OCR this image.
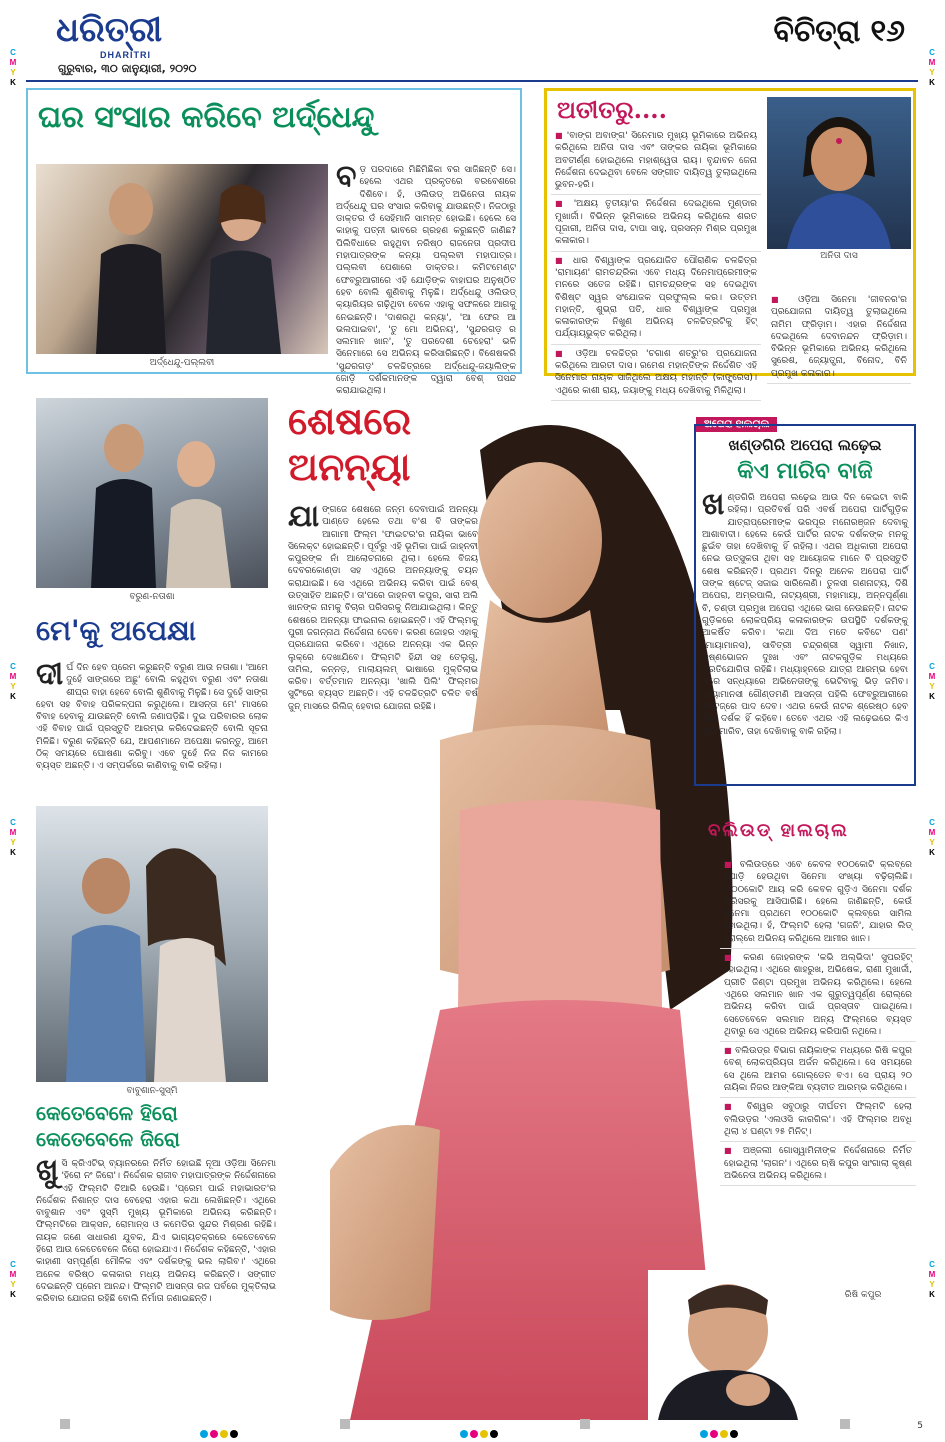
ଧରିତ୍ରୀ
DHARITRI
ଗୁରୁବାର, ୩୦ ଜାନୁୟାରୀ, ୨୦୨୦
ବିଚିତ୍ରା ୧୬
C
M
Y
K
C
M
Y
K
C
M
Y
K
C
M
Y
K
C
M
Y
K
C
M
Y
K
C
M
Y
K
C
M
Y
K
ଘର ସଂସାର କରିବେ ଅର୍ଦ୍ଧେନ୍ଦୁ
ଅର୍ଦ୍ଧେନ୍ଦୁ-ପଲ୍ଲବୀ
ବଡ଼ ପରଦାରେ ମିଛିମିଛିକା ବର ସାଜିଛନ୍ତି ସେ। ହେଲେ ଏଥର ପ୍ରକୃତରେ ବରବେଶରେ ଦିଶିବେ। ହଁ, ଓଲିଉଡ୍‌ ଅଭିନେତା ନାୟକ ଅର୍ଦ୍ଧେନ୍ଦୁ ଘର ସଂସାର କରିବାକୁ ଯାଉଛନ୍ତି। ନିଜଠାରୁ ଡାକ୍ତର ଡଁ ସେହିମାନି ସାମନ୍ତ ହୋଇଛି। ହେଲେ ସେ କାହାକୁ ପତ୍ନୀ ଭାବରେ ଗ୍ରହଣ କରୁଛନ୍ତି ଜାଣିଛ? ପିଲିବିଧାରେ ରହୁଥିବା ନରିଷ୍ଠ ରାଜନେତା ପ୍ରଦୀପ ମହାପାତ୍ରଙ୍କ କନ୍ୟା ପଲ୍ଲବୀ ମହାପାତ୍ର। ପଲ୍ଲବୀ ପେଶାରେ ଡାକ୍ତର। କମିଟମେଣ୍ଟ ଫେବ୍ରୁଆରୀରେ ଏହି ଯୋଡ଼ିଙ୍କ ବାହାଘର ଅନୁଷ୍ଠିତ ହେବ ବୋଲି ଶୁଣିବାକୁ ମିଳୁଛି। ଅର୍ଦ୍ଧେନ୍ଦୁ ଓଲିଉଡ୍‌ କ୍ୟାରିୟର ଗଢ଼ିଥିବା ବେଳେ ଏହାକୁ ସଫଳରେ ଆଗକୁ ନେଇଛନ୍ତି। 'ଦାଶରଥି କନ୍ୟା', 'ଆ ଫେର ଆ ଭଲପାଇବା', 'ତୁ ମୋ ଅଭିନୟ', 'ସୁନ୍ଦରଗଡ଼ ର ସଲମାନ ଖାନ', 'ତୁ ପରଦେଶୀ ଚେହେରା' ଭଳି ସିନେମାରେ ସେ ଅଭିନୟ କରିସାରିଛନ୍ତି। ବିଶେଷକରି 'ସୁନ୍ଦରଗଡ଼' ଚଳଚ୍ଚିତ୍ରରେ ଅର୍ଦ୍ଧେନ୍ଦୁ-ଜୟାଲିଙ୍କ ଜୋଡ଼ି ଦର୍ଶକମାନଙ୍କ ଦ୍ୱାରା ବେଶ୍‌ ପସନ୍ଦ କରାଯାଇଥିଲା।
ଅତୀତରୁ....
■ 'ବାଙ୍ଗ ଅବାଙ୍ଗ' ସିନେମାର ମୁଖ୍ୟ ଭୂମିକାରେ ଅଭିନୟ କରିଥିଲେ ଅନିତା ଦାସ ଏବଂ ତାଙ୍କର ନାୟିକା ଭୂମିକାରେ ଅବତୀର୍ଣ୍ଣ ହୋଇଥିଲେ ମହାଶ୍ୱେତା ରାୟ। ବୃନ୍ଦାବନ ଜେନା ନିର୍ଦ୍ଦେଶନା ଦେଇଥିବା ବେଳେ ସଙ୍ଗୀତ ଦାୟିତ୍ୱ ତୁଲାଇଥିଲେ ଭୁବନ-ହରି।
■ 'ଅକ୍ଷୟ ତୃତୀୟା'ର ନିର୍ଦ୍ଦେଶନା ଦେଇଥିଲେ ମୁଣ୍ଡାର ମୁଖାର୍ଜୀ। ବିଭିନ୍ନ ଭୂମିକାରେ ଅଭିନୟ କରିଥିଲେ ଶରତ ପୂଜାରୀ, ଅନିତା ଦାସ, ଟାପା ସାହୁ, ପ୍ରସନ୍ନ ମିଶ୍ର ପ୍ରମୁଖ କଳାକାର।
■ ଧାର ବିଶ୍ୱାଙ୍କ ପ୍ରଯୋଜିତ ପୌରାଣିକ ଚଳଚ୍ଚିତ୍ର 'ରାମାୟଣ' ରାମଚନ୍ଦ୍ରିକା ଏବେ ମଧ୍ୟ ଦିନେମାପ୍ରେମୀଙ୍କ ମନରେ ସତେଜ ରହିଛି। ରାମଚନ୍ଦ୍ରଙ୍କ ସହ ଦେଇଥିବା ବିଶିଷ୍ଟ ସ୍ୱର ସଂଯୋଜକ ପ୍ରଫୁଲ୍ଲ କର। ଉତ୍ତମ ମହାନ୍ତି, ଶୁଭ୍ରା ପତି, ଧାର ବିଶ୍ୱାଙ୍କ ପ୍ରମୁଖ କଳାକାରଙ୍କ ନିଖୁଣ ଅଭିନୟ ଚଳଚ୍ଚିତ୍ରଟିକୁ ହିଟ୍‌ ପର୍ଯ୍ୟାୟଭୁକ୍ତ କରିଥିଲା।
■ ଓଡ଼ିଆ ଚଳଚ୍ଚିତ୍ର 'ଚଗାଶ ଶତ୍ରୁ'ର ପ୍ରଯୋଜନା କରିଥିଲେ ଆରତୀ ଦାସ। ରମେଶ ମହାନ୍ତିଙ୍କ ନିର୍ଦ୍ଦେଶିତ ଏହି ସିନେମାର ନାୟକ ସାଜିଥିଲେ ଅକ୍ଷୟ ମହାନ୍ତି (କାଙ୍ଗ୍ରେସ)। ଏଥିରେ କାଶୀ ରାୟ, ଜୟାଙ୍କୁ ମଧ୍ୟ ଦେଖିବାକୁ ମିଳିଥିଲା।
ଅନିତା ଦାସ
■ ଓଡ଼ିଆ ସିନେମା 'ଜୀବନର'ର ପ୍ରଯୋଜନା ଦାୟିତ୍ୱ ତୁଲାଇଥିଲେ ନାମିମ ଫ୍ରିଡ଼ାମ। ଏହାର ନିର୍ଦ୍ଦେଶନା ଦେଇଥିଲେ ଦେବାନନ୍ଦନ ଫ୍ରିଡ଼ାମ। ବିଭିନ୍ନ ଭୂମିକାରେ ଅଭିନୟ କରିଥିଲେ ସୁରେଶ, ଜ୍ୟୋତ୍ସ୍ନା, ବିନୋଦ, ବିନି ପ୍ରମୁଖ କଳାକାର।
ବରୁଣ-ନତାଶା
ମେ'କୁ ଅପେକ୍ଷା
ଦୀର୍ଘ ଦିନ ହେବ ପ୍ରେମ କରୁଛନ୍ତି ବରୁଣ ଆଉ ନତାଶା। 'ଆମେ ଦୁହେଁ ସାଙ୍ଗରେ ଅଛୁ' ବୋଲି କହୁଥିବା ବରୁଣ ଏବଂ ନତାଶା ଶୀଘ୍ର ବାହା ହେବେ ବୋଲି ଶୁଣିବାକୁ ମିଳୁଛି। ସେ ଦୁହେଁ ସାଙ୍ଗ ହେବା ସହ ବିବାହ ପରିକଳ୍ପନା କରୁଥିଲେ। ଆସନ୍ତା ମେ' ମାସରେ ବିବାହ ହେବାକୁ ଯାଉଛନ୍ତି ବୋଲି ଜଣାପଡ଼ିଛି। ଦୁଇ ପରିବାରର ଲୋକ ଏହି ବିବାହ ପାଇଁ ପ୍ରସ୍ତୁତି ଆରମ୍ଭ କରିଦେଇଛନ୍ତି ବୋଲି ସୂଚନା ମିଳିଛି। ବରୁଣ କହିଛନ୍ତି ଯେ, ଆପଣମାନେ ଅପେକ୍ଷା କରନ୍ତୁ, ଆମେ ଠିକ୍‌ ସମୟରେ ଘୋଷଣା କରିବୁ। ଏବେ ଦୁହେଁ ନିଜ ନିଜ କାମରେ ବ୍ୟସ୍ତ ଅଛନ୍ତି। ଏ ସମ୍ପର୍କରେ କାଣିବାକୁ ବାକି ରହିଲା।
ବାବୁଶାନ-ସୁସ୍ମି
କେତେବେଳେ ହିରୋ
କେତେବେଳେ ଜିରୋ
ଖୁସି କ୍ରିଏଟିଭ୍‌ ବ୍ୟାନରରେ ନିର୍ମିତ ହୋଇଛି ନୂଆ ଓଡ଼ିଆ ସିନେମା 'ହିରୋ ନଂ ଜିରୋ'। ନିର୍ଦ୍ଦେଶକ ରାଜୀବ ମହାପାତ୍ରଙ୍କ ନିର୍ଦ୍ଦେଶନାରେ ଏହି ଫିଲ୍ମଟି ତିଆରି ହେଉଛି। 'ପ୍ରେମ ପାଇଁ ମହାଭାରତ'ର ନିର୍ଦ୍ଦେଶକ ନିଶାନ୍ତ ଦାସ ବେହେରା ଏହାର କଥା ଲେଖିଛନ୍ତି। ଏଥିରେ ବାବୁଶାନ ଏବଂ ସୁସ୍ମି ମୁଖ୍ୟ ଭୂମିକାରେ ଅଭିନୟ କରିଛନ୍ତି। ଫିଲ୍ମଟିରେ ଆକ୍ସନ, ରୋମାନ୍ସ ଓ କମେଡିର ସୁନ୍ଦର ମିଶ୍ରଣ ରହିଛି। ନାୟକ ଜଣେ ସାଧାରଣ ଯୁବକ, ଯିଏ ଭାଗ୍ୟଚକ୍ରରେ କେତେବେଳେ ହିରୋ ଆଉ କେତେବେଳେ ଜିରୋ ହୋଇଯାଏ। ନିର୍ଦ୍ଦେଶକ କହିଛନ୍ତି, 'ଏହାର କାହାଣୀ ସମ୍ପୂର୍ଣ୍ଣ ମୌଳିକ ଏବଂ ଦର୍ଶକଙ୍କୁ ଭଲ ଲାଗିବ।' ଏଥିରେ ଅନେକ ବରିଷ୍ଠ କଳାକାର ମଧ୍ୟ ଅଭିନୟ କରିଛନ୍ତି। ସଙ୍ଗୀତ ଦେଇଛନ୍ତି ପ୍ରେମ ଆନନ୍ଦ। ଫିଲ୍ମଟି ଆସନ୍ତା ରଜ ପର୍ବରେ ମୁକ୍ତିଲାଭ କରିବାର ଯୋଜନା ରହିଛି ବୋଲି ନିର୍ମାତା ଜଣାଇଛନ୍ତି।
ଶେଷରେ
ଅନନ୍ୟା
ଯାଙ୍ଗଜେ ଶେଷରେ ଜନ୍ମ ଦେବାପାଇଁ ଅନନ୍ୟା ପାଣ୍ଡେ ହେଲେ ତଥା ବ'ଶ ବି ତାଙ୍କର ଆଗାମୀ ଫିଲ୍ମ 'ଫାଇଟର'ର ନାୟିକା ଭାବେ ସିଲେକ୍ଟ ହୋଇଛନ୍ତି। ପୂର୍ବରୁ ଏହି ଭୂମିକା ପାଇଁ ଜାହ୍ନବୀ କପୁରଙ୍କ ନାଁ ଆଲୋଚନାରେ ଥିଲା। ହେଲେ ବିଜୟ ଦେବରକୋଣ୍ଡା ସହ ଏଥିରେ ଅନନ୍ୟାଙ୍କୁ ଚୟନ କରାଯାଇଛି। ସେ ଏଥିରେ ଅଭିନୟ କରିବା ପାଇଁ ବେଶ୍‌ ଉତ୍ସାହିତ ଅଛନ୍ତି। ତା'ପରେ ଜାହ୍ନବୀ କପୁର, ସାରା ଅଲି ଖାନଙ୍କ ନାମକୁ ବିଚାର ପରିସରକୁ ନିଆଯାଇଥିଲା। କିନ୍ତୁ ଶେଷରେ ଅନନ୍ୟା ଫାଇନାଲ ହୋଇଛନ୍ତି। ଏହି ଫିଲ୍ମକୁ ପୁରୀ ଜଗନ୍ନାଥ ନିର୍ଦ୍ଦେଶନା ଦେବେ। କରଣ ଜୋହର ଏହାକୁ ପ୍ରଯୋଜନା କରିବେ। ଏଥିରେ ଅନନ୍ୟା ଏକ ଭିନ୍ନ ଲୁକ୍‌ରେ ଦେଖାଯିବେ। ଫିଲ୍ମଟି ହିନ୍ଦୀ ସହ ତେଲୁଗୁ, ତାମିଲ, କନ୍ନଡ଼, ମାଲାୟଲମ୍‌ ଭାଷାରେ ମୁକ୍ତିଲାଭ କରିବ। ବର୍ତ୍ତମାନ ଅନନ୍ୟା 'ଖାଲି ପିଲି' ଫିଲ୍ମର ସୁଟିଂରେ ବ୍ୟସ୍ତ ଅଛନ୍ତି। ଏହି ଚଳଚ୍ଚିତ୍ରଟି ଚଳିତ ବର୍ଷ ଜୁନ୍‌ ମାସରେ ରିଲିଜ୍‌ ହେବାର ଯୋଜନା ରହିଛି।
ଅପେରା ହାଲଚାଲ
ଖଣ୍ଡଗିରି ଅପେରା ଲଢ଼େଇ
କିଏ ମାରିବ ବାଜି
ଖଣ୍ଡଗିରି ଅପେରା ଲଢ଼େଇ ଆଉ ଦିନ କେଇଟା ବାକି ରହିଲା। ପ୍ରତିବର୍ଷ ପରି ଏବର୍ଷ ଅପେରା ପାର୍ଟିଗୁଡ଼ିକ ଯାତ୍ରାପ୍ରେମୀଙ୍କ ଭରପୂର ମନୋରଞ୍ଜନ ଦେବାକୁ ଆଶାବାଦୀ। ହେଲେ କେଉଁ ପାର୍ଟିର ନାଟକ ଦର୍ଶକଙ୍କ ମନକୁ ଛୁଇଁବ ତାହା ଦେଖିବାକୁ ହିଁ ରହିଲା। ଏଥର ଅଧିକାରୀ ଅପେରା ନେଇ ଉତ୍ସୁକତା ଥିବା ସହ ଆୟୋଜକ ମାନେ ବି ପ୍ରସ୍ତୁତି ଶେଷ କରିଛନ୍ତି। ପ୍ରଥମ ଦିନରୁ ଅନେକ ଅପେରା ପାର୍ଟି ତାଙ୍କ ଷ୍ଟେଜ୍‌ ସଜାଇ ସାରିଲେଣି। ତୁଳସୀ ଗଣନାଟ୍ୟ, ଦିଶି ଅପେରା, ଅମ୍ରପାଲି, ନାଟ୍ୟଶ୍ରୀ, ମହାମାୟା, ଅନ୍ନପୂର୍ଣ୍ଣା ବି, ଚଣ୍ଡୀ ପ୍ରମୁଖ ଅପେରା ଏଥିରେ ଭାଗ ନେଉଛନ୍ତି। ନାଟକ ଗୁଡ଼ିକରେ ଲୋକପ୍ରିୟ କଳାକାରଙ୍କ ଉପସ୍ଥିତି ଦର୍ଶକଙ୍କୁ ଆକର୍ଷିତ କରିବ। 'କଥା ଦିଅ ମତେ କବିଟେ ପଣ' (ମାୟାମାନସ), ସାବିତ୍ରୀ ଚନ୍ଦ୍ରଶ୍ରୀ ସ୍ୱାମୀ ନିଖାନ, କୃଷ୍ଣଭୋଜନ ଦୁଃଖ ଏବଂ ନାଟକଗୁଡ଼ିକ ମଧ୍ୟରେ ପ୍ରତିଯୋଗିତା ରହିଛି। ମଧ୍ୟାହ୍ନରେ ଯାତ୍ରା ଆରମ୍ଭ ହେବା ପରେ ସନ୍ଧ୍ୟାରେ ଅଭିନେତାଙ୍କୁ ଭେଟିବାକୁ ଭିଡ଼ ଜମିବ। ମାୟାମାନସୀ ଗୌଣ୍ଡମଣି ଆସନ୍ତା ପହିଲି ଫେବ୍ରୁଆରୀରେ ଷ୍ଟେଜ୍‌ରେ ପାଦ ଦେବ। ଏଥର କେଉଁ ନାଟକ ଶ୍ରେଷ୍ଠ ହେବ ତାହା ଦର୍ଶକ ହିଁ କହିବେ। ତେବେ ଏଥର ଏହି ଲଢ଼େଇରେ କିଏ ବାଜି ମାରିବ, ତାହା ଦେଖିବାକୁ ବାକି ରହିଲା।
ବଲିଉଡ୍‌ ହାଲଚାଲ
■ ବଲିଉଡ୍‌ରେ ଏବେ କେବଳ ୧୦୦କୋଟି କ୍ଲବ୍‌ରେ ଯୋଡ଼ି ହେଉଥିବା ସିନେମା ସଂଖ୍ୟା ବଢ଼ିଚାଲିଛି। ୩୦୦କୋଟି ଆୟ କରି କେବଳ ଗୁଡ଼ିଏ ସିନେମା ଦର୍ଶକ ପରିସରକୁ ଆସିପାରିଛି। ହେଲେ ଜାଣିଛନ୍ତି, କେଉଁ ସିନେମା ପ୍ରଥମେ ୧୦୦କୋଟି କ୍ଲବ୍‌ରେ ସାମିଲ ହୋଇଥିଲା। ହଁ, ଫିଲ୍ମଟି ହେଲା 'ଗଜନି', ଯାହାର ଲିଡ୍‌ ରୋଲ୍‌ରେ ଅଭିନୟ କରିଥିଲେ ଆମୀର ଖାନ।
■ କରଣ ଜୋହରଙ୍କ 'କଭି ଅଲ୍ଭିଦା' ସୁପରହିଟ୍‌ ହୋଇଥିଲା। ଏଥିରେ ଶାହରୁଖ, ଅଭିଷେକ, ରାଣୀ ମୁଖାର୍ଜୀ, ପ୍ରୀତି ଜିଣ୍ଟା ପ୍ରମୁଖ ଅଭିନୟ କରିଥିଲେ। ହେଲେ ଏଥିରେ ସଲମାନ ଖାନ ଏକ ଗୁରୁତ୍ୱପୂର୍ଣ୍ଣ ରୋଲ୍‌ରେ ଅଭିନୟ କରିବା ପାଇଁ ପ୍ରସ୍ତାବ ପାଇଥିଲେ। ସେତେବେଳେ ସଲମାନ ଅନ୍ୟ ଫିଲ୍ମରେ ବ୍ୟସ୍ତ ଥିବାରୁ ସେ ଏଥିରେ ଅଭିନୟ କରିପାରି ନଥିଲେ।
■ ବଲିଉଡ୍‌ର ବିଭାଗ ନାୟିକାଙ୍କ ମଧ୍ୟରେ ରିଷି କପୁର ବେଶ୍‌ ଲୋକପ୍ରିୟତା ଅର୍ଜନ କରିଥିଲେ। ସେ ସମୟରେ ସେ ଥିଲେ ଆମର ଗୋଲ୍ଡେନ ବଏ। ସେ ପ୍ରାୟ ୨୦ ନାୟିକା ନିଜର ଆଙ୍କିଆ ବ୍ୟତୀତ ଆରମ୍ଭ କରିଥିଲେ।
■ ବିଶ୍ୱର ସବୁଠାରୁ ଦୀର୍ଘତମ ଫିଲ୍ମଟି ହେଲା ବଲିଉଡ଼ର 'ଏଲଓସି କାରଗିଲ'। ଏହି ଫିଲ୍ମର ଅବଧି ଥିଲା ୪ ଘଣ୍ଟା ୨୫ ମିନିଟ୍‌।
■ ଅଞ୍ଜଲୀ ଗୋସ୍ୱାମିନୀଙ୍କ ନିର୍ଦ୍ଦେଶନାରେ ନିର୍ମିତ ହୋଇଥିଲା 'ଲାଗନ'। ଏଥିରେ ଋଷି କପୁର ସାଂଗାଲା କୃଷ୍ଣ ଅଭିନେତା ଅଭିନୟ କରିଥିଲେ।
ରିଷି କପୁର
5
